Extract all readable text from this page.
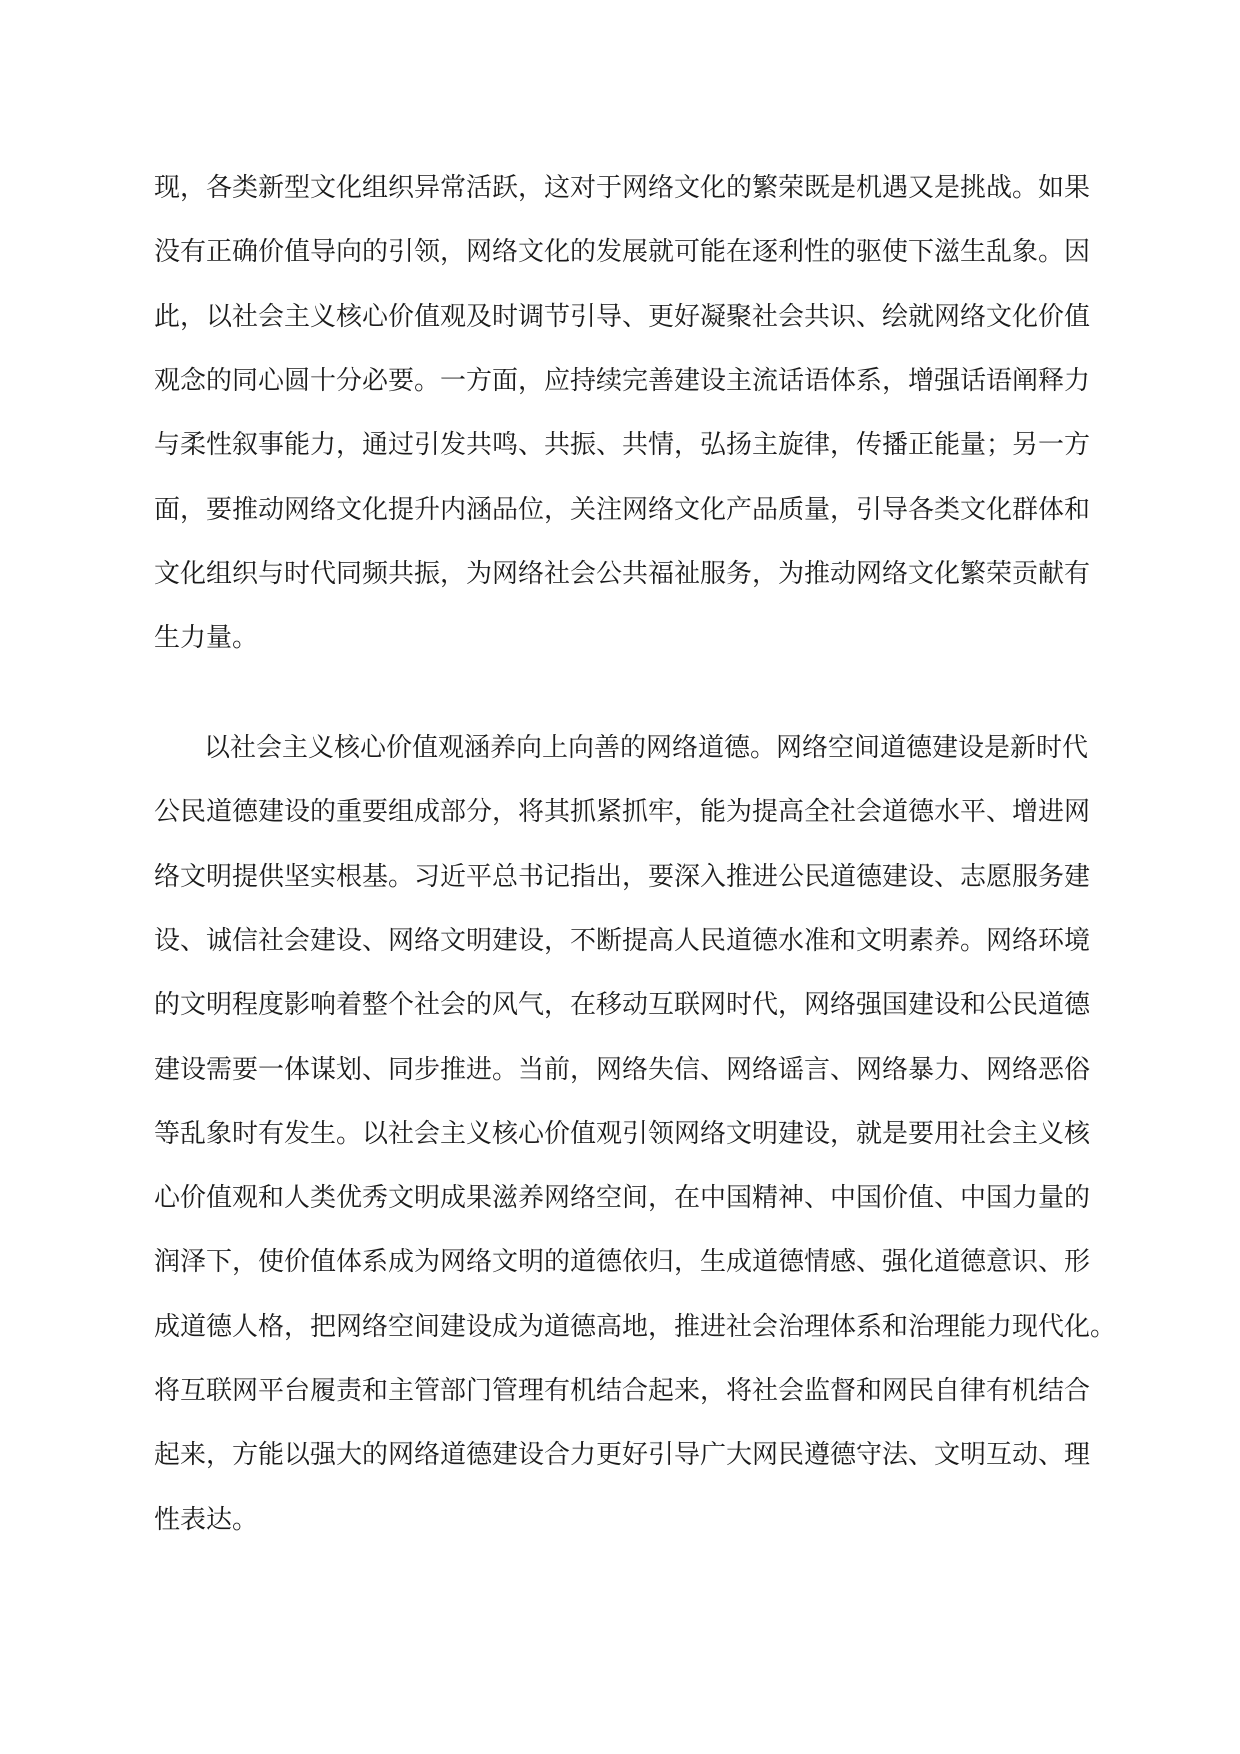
现，各类新型文化组织异常活跃，这对于网络文化的繁荣既是机遇又是挑战。如果
没有正确价值导向的引领，网络文化的发展就可能在逐利性的驱使下滋生乱象。因
此，以社会主义核心价值观及时调节引导、更好凝聚社会共识、绘就网络文化价值
观念的同心圆十分必要。一方面，应持续完善建设主流话语体系，增强话语阐释力
与柔性叙事能力，通过引发共鸣、共振、共情，弘扬主旋律，传播正能量；另一方
面，要推动网络文化提升内涵品位，关注网络文化产品质量，引导各类文化群体和
文化组织与时代同频共振，为网络社会公共福祉服务，为推动网络文化繁荣贡献有
生力量。
以社会主义核心价值观涵养向上向善的网络道德。网络空间道德建设是新时代
公民道德建设的重要组成部分，将其抓紧抓牢，能为提高全社会道德水平、增进网
络文明提供坚实根基。习近平总书记指出，要深入推进公民道德建设、志愿服务建
设、诚信社会建设、网络文明建设，不断提高人民道德水准和文明素养。网络环境
的文明程度影响着整个社会的风气，在移动互联网时代，网络强国建设和公民道德
建设需要一体谋划、同步推进。当前，网络失信、网络谣言、网络暴力、网络恶俗
等乱象时有发生。以社会主义核心价值观引领网络文明建设，就是要用社会主义核
心价值观和人类优秀文明成果滋养网络空间，在中国精神、中国价值、中国力量的
润泽下，使价值体系成为网络文明的道德依归，生成道德情感、强化道德意识、形
成道德人格，把网络空间建设成为道德高地，推进社会治理体系和治理能力现代化。
将互联网平台履责和主管部门管理有机结合起来，将社会监督和网民自律有机结合
起来，方能以强大的网络道德建设合力更好引导广大网民遵德守法、文明互动、理
性表达。
